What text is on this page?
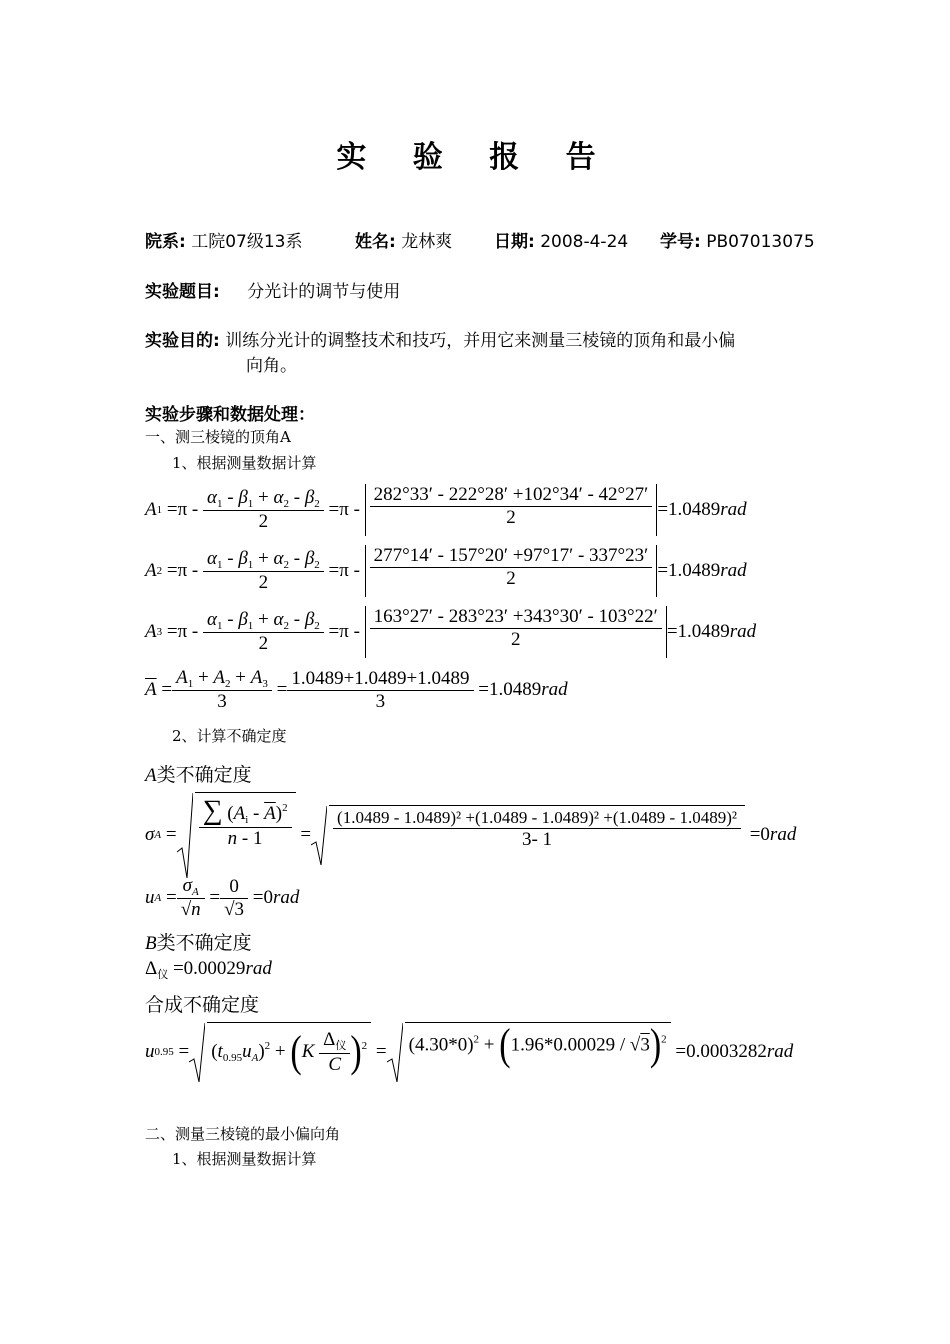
实 验 报 告
院系: 工院07级13系	姓名: 龙林爽 日期: 2008-4-24 学号: PB07013075
实验题目: 分光计的调节与使用
实验目的: 训练分光计的调整技术和技巧，并用它来测量三棱镜的顶角和最小偏
向角。
实验步骤和数据处理：
一、测三棱镜的顶角A
1、根据测量数据计算
A $1 =\pi - \frac{\alpha_1 - \beta_1 + \alpha_2 - \beta_2}{2} =\pi - \frac{282^\circ 33' - 222^\circ 28' +102^\circ 34' - 42^\circ 27'}{2} =1.0489$ rad
A $2 =\pi - \frac{\alpha_1 - \beta_1 + \alpha_2 - \beta_2}{2} =\pi - \frac{277^\circ 14' - 157^\circ 20' +97^\circ 17' - 337^\circ 23'}{2} =1.0489$ rad
A $3 =\pi - \frac{\alpha_1 - \beta_1 + \alpha_2 - \beta_2}{2} =\pi - \frac{163^\circ 27' - 283^\circ 23' +343^\circ 30' - 103^\circ 22'}{2} =1.0489$ rad
$\overline{A} = \frac{A_1 + A_2 + A_3}{3} = \frac{1.0489+1.0489+1.0489}{3}$
=1.0489 rad
2、计算不确定度
A类不确定度
σ $A = \frac{\sum (A_i - \overline{A})^2}{n - 1} = \frac{\text{(1.0489 - 1.0489)² +(1.0489 - 1.0489)² +(1.0489 - 1.0489)²}}{3- 1}$
=0 rad
u $A = \frac{\sigma_A}{√n} = \frac{0}{√3}$
=0 rad
B类不确定度
$\Delta_仪 =0.00029rad$
合成不确定度
u 0.95 =	$(t_{0.95}u_A)^2 + (K \frac{\Delta_仪}{C} )^2$ =	$(4.30*0)^2 + (1.96*0.00029 / √3)^2$

=0.0003282 rad
二、测量三棱镜的最小偏向角
1、根据测量数据计算
